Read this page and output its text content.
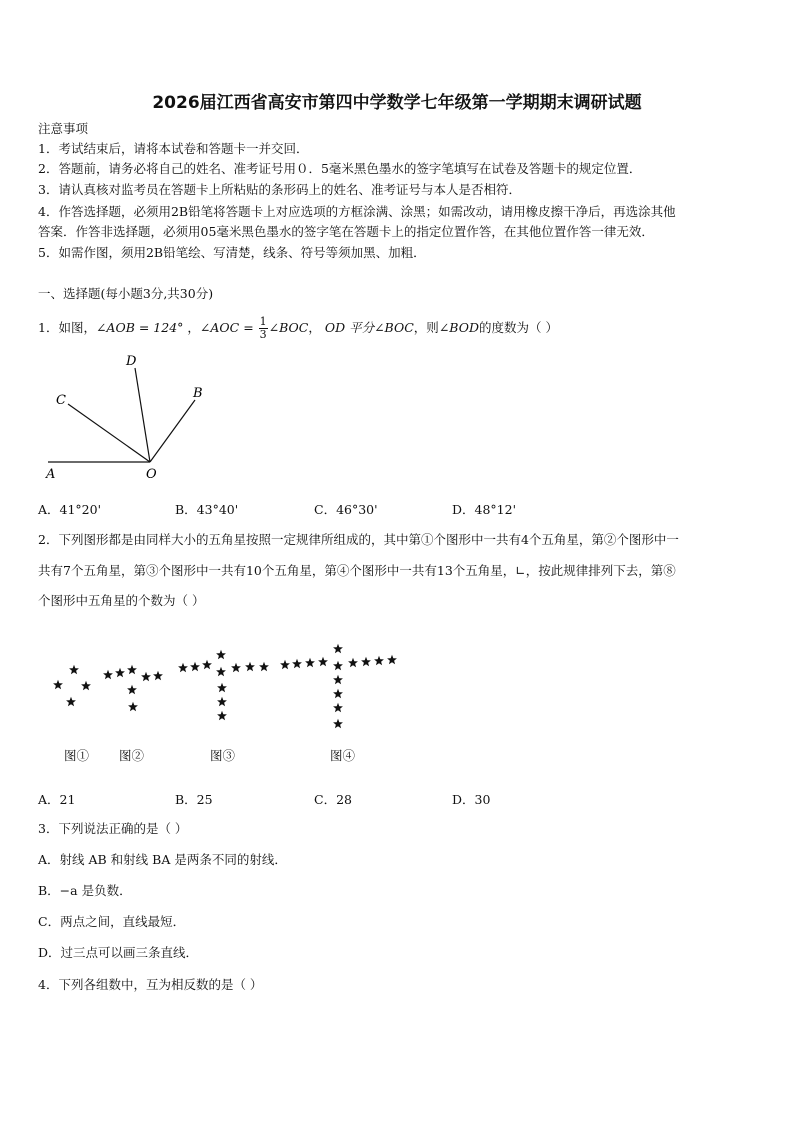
2026届江西省高安市第四中学数学七年级第一学期期末调研试题
注意事项
1．考试结束后，请将本试卷和答题卡一并交回．
2．答题前，请务必将自己的姓名、准考证号用０．5毫米黑色墨水的签字笔填写在试卷及答题卡的规定位置．
3．请认真核对监考员在答题卡上所粘贴的条形码上的姓名、准考证号与本人是否相符．
4．作答选择题，必须用2B铅笔将答题卡上对应选项的方框涂满、涂黑；如需改动，请用橡皮擦干净后，再选涂其他
答案．作答非选择题，必须用05毫米黑色墨水的签字笔在答题卡上的指定位置作答，在其他位置作答一律无效．
5．如需作图，须用2B铅笔绘、写清楚，线条、符号等须加黑、加粗．
一、选择题(每小题3分,共30分)
1．如图，∠AOB = 124° ，∠AOC = $\frac{1}{3}$ ∠BOC， OD 平分∠BOC，则∠BOD的度数为（ ）
A	O
C
D
B
A．41°20'	B．43°40'	C．46°30'	D．48°12'
2．下列图形都是由同样大小的五角星按照一定规律所组成的，其中第①个图形中一共有4个五角星，第②个图形中一
共有7个五角星，第③个图形中一共有10个五角星，第④个图形中一共有13个五角星，∟，按此规律排列下去，第⑧
个图形中五角星的个数为（ ）
图① 图②	图③	图④
A．21	B．25	C．28	D．30
3．下列说法正确的是（ ）
A．射线 AB 和射线 BA 是两条不同的射线．
B．−a 是负数．
C．两点之间，直线最短．
D．过三点可以画三条直线．
4．下列各组数中，互为相反数的是（ ）
